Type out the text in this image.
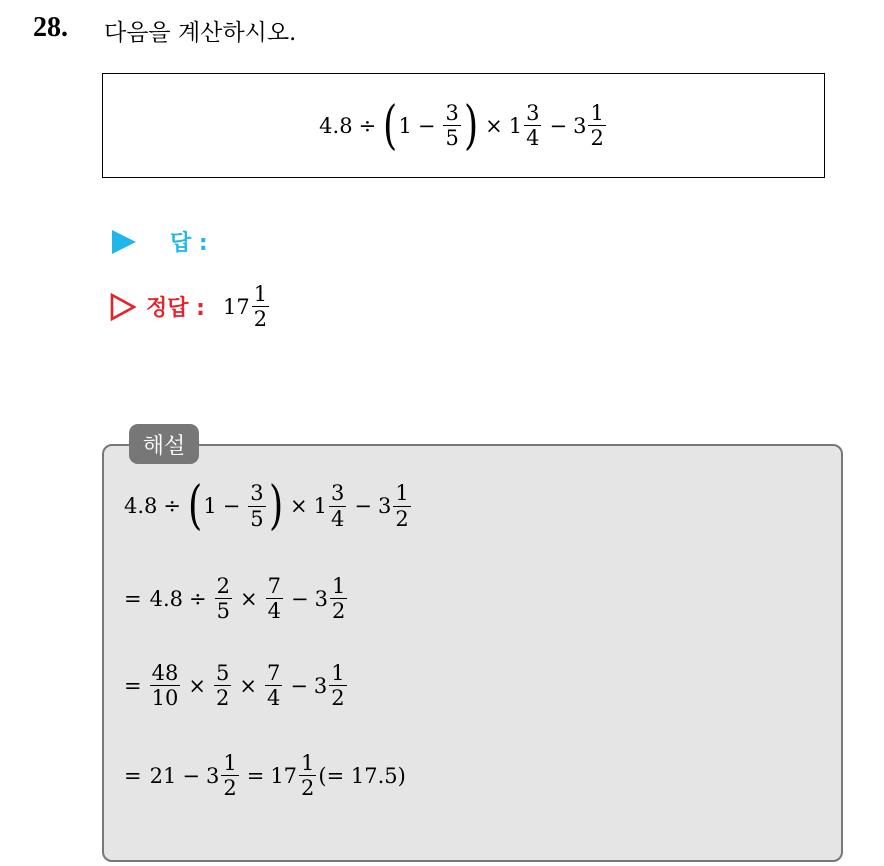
28. 다음을 계산하시오.
4.8 ÷ ( $1 - \frac{3}{5}$ ) × $1 \frac{3}{4} - 3 \frac{1}{2}$
답 :
정답 : $17 \frac{1}{2}$
해설
4.8 ÷ ( $1 - \frac{3}{5}$ ) × $1 \frac{3}{4} - 3 \frac{1}{2}$
= $4.8 \div \frac{2}{5} \times \frac{7}{4} - 3 \frac{1}{2}$
= $\frac{48}{10} \times \frac{5}{2} \times \frac{7}{4} - 3 \frac{1}{2}$
= $21 - 3 \frac{1}{2} = 17 \frac{1}{2}$ (= 17.5)
